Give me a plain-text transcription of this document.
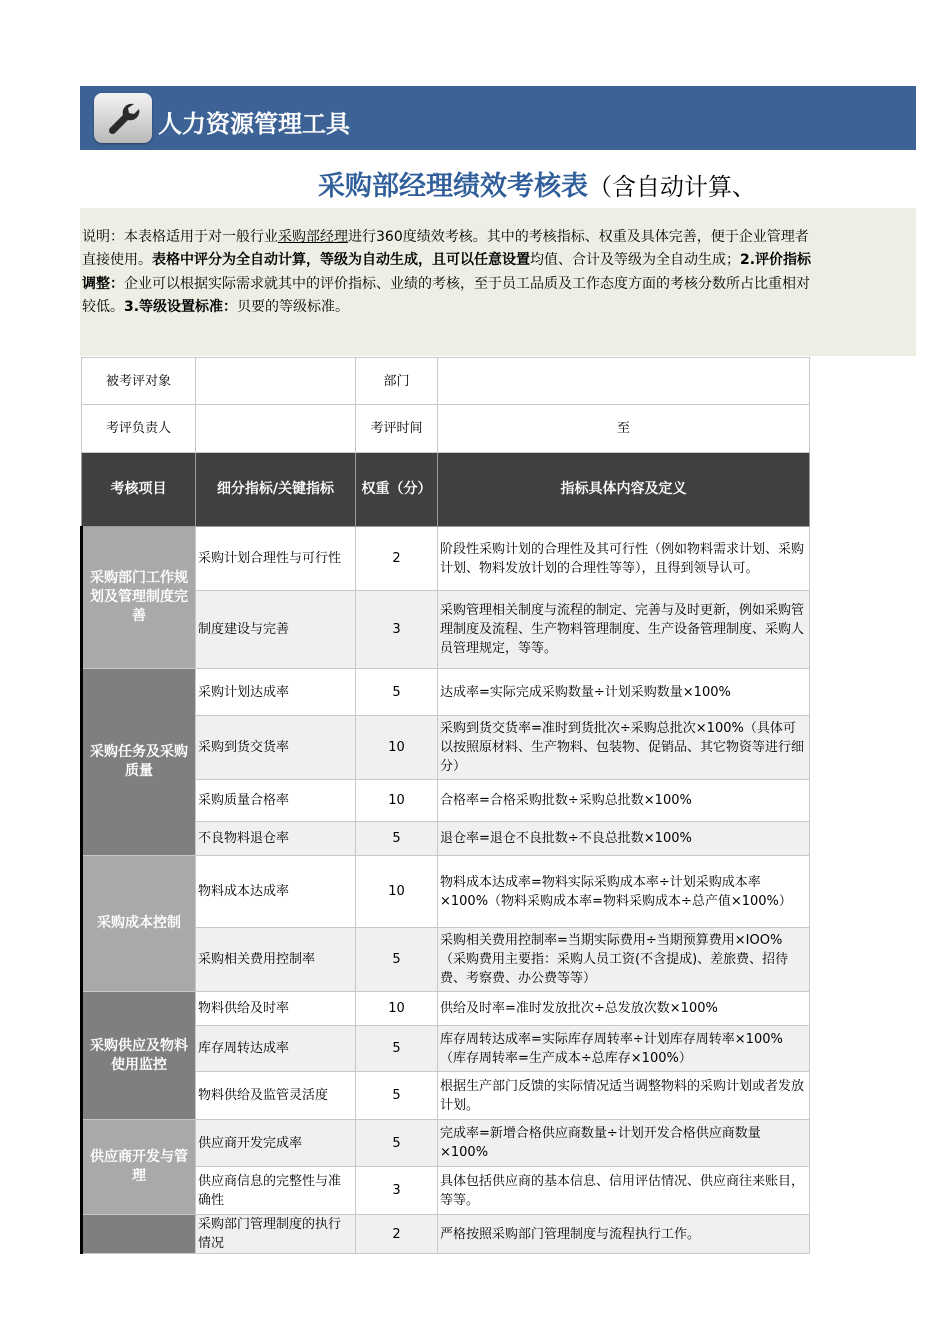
人力资源管理工具
采购部经理绩效考核表（含自动计算、
说明：本表格适用于对一般行业采购部经理进行360度绩效考核。其中的考核指标、权重及具体完善，便于企业管理者直接使用。表格中评分为全自动计算，等级为自动生成，且可以任意设置均值、合计及等级为全自动生成；2.评价指标调整：企业可以根据实际需求就其中的评价指标、业绩的考核，至于员工品质及工作态度方面的考核分数所占比重相对较低。3.等级设置标准：贝要的等级标准。
被考评对象		部门	
考评负责人		考评时间	至
考核项目	细分指标/关键指标	权重（分）	指标具体内容及定义
采购部门工作规划及管理制度完善	采购计划合理性与可行性	2	阶段性采购计划的合理性及其可行性（例如物料需求计划、采购计划、物料发放计划的合理性等等），且得到领导认可。
	制度建设与完善	3	采购管理相关制度与流程的制定、完善与及时更新，例如采购管理制度及流程、生产物料管理制度、生产设备管理制度、采购人员管理规定，等等。
采购任务及采购质量	采购计划达成率	5	达成率=实际完成采购数量÷计划采购数量×100%
	采购到货交货率	10	采购到货交货率=准时到货批次÷采购总批次×100%（具体可以按照原材料、生产物料、包装物、促销品、其它物资等进行细分）
	采购质量合格率	10	合格率=合格采购批数÷采购总批数×100%
	不良物料退仓率	5	退仓率=退仓不良批数÷不良总批数×100%
采购成本控制	物料成本达成率	10	物料成本达成率=物料实际采购成本率÷计划采购成本率×100%（物料采购成本率=物料采购成本÷总产值×100%）
	采购相关费用控制率	5	采购相关费用控制率=当期实际费用÷当期预算费用×IOO%（采购费用主要指：采购人员工资(不含提成)、差旅费、招待费、考察费、办公费等等）
采购供应及物料使用监控	物料供给及时率	10	供给及时率=准时发放批次÷总发放次数×100%
	库存周转达成率	5	库存周转达成率=实际库存周转率÷计划库存周转率×100%（库存周转率=生产成本÷总库存×100%）
	物料供给及监管灵活度	5	根据生产部门反馈的实际情况适当调整物料的采购计划或者发放计划。
供应商开发与管理	供应商开发完成率	5	完成率=新增合格供应商数量÷计划开发合格供应商数量×100%
	供应商信息的完整性与准确性	3	具体包括供应商的基本信息、信用评估情况、供应商往来账目，等等。
	采购部门管理制度的执行情况	2	严格按照采购部门管理制度与流程执行工作。
